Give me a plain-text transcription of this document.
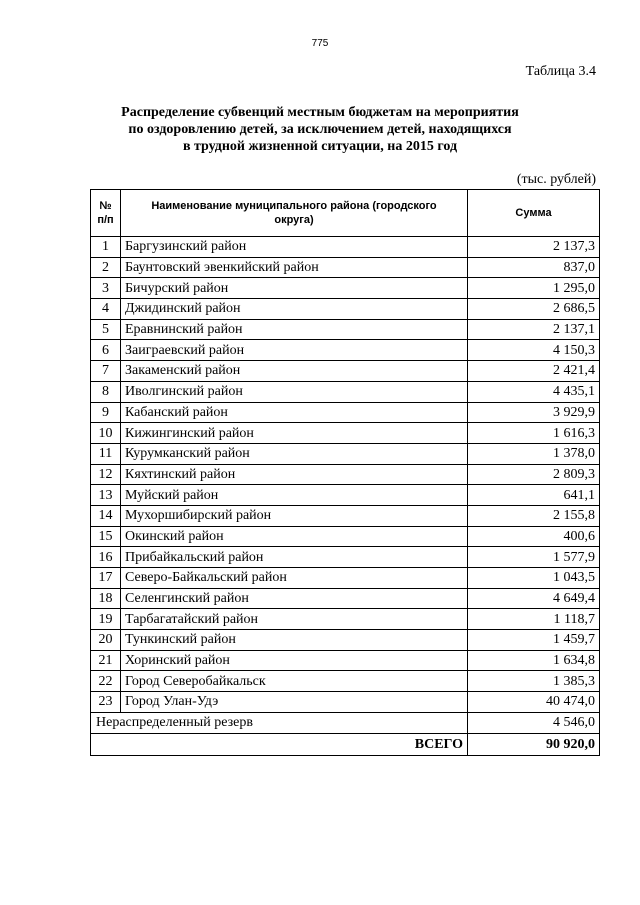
775
Таблица 3.4
Распределение субвенций местным бюджетам на мероприятия
по оздоровлению детей, за исключением детей, находящихся
в трудной жизненной ситуации, на 2015 год
(тыс. рублей)
№
п/п	Наименование муниципального района (городского округа)	Сумма
1	Баргузинский район	2 137,3
2	Баунтовский эвенкийский район	837,0
3	Бичурский район	1 295,0
4	Джидинский район	2 686,5
5	Еравнинский район	2 137,1
6	Заиграевский район	4 150,3
7	Закаменский район	2 421,4
8	Иволгинский район	4 435,1
9	Кабанский район	3 929,9
10	Кижингинский район	1 616,3
11	Курумканский район	1 378,0
12	Кяхтинский район	2 809,3
13	Муйский район	641,1
14	Мухоршибирский район	2 155,8
15	Окинский район	400,6
16	Прибайкальский район	1 577,9
17	Северо-Байкальский район	1 043,5
18	Селенгинский район	4 649,4
19	Тарбагатайский район	1 118,7
20	Тункинский район	1 459,7
21	Хоринский район	1 634,8
22	Город Северобайкальск	1 385,3
23	Город Улан-Удэ	40 474,0
Нераспределенный резерв		4 546,0
ВСЕГО		90 920,0
